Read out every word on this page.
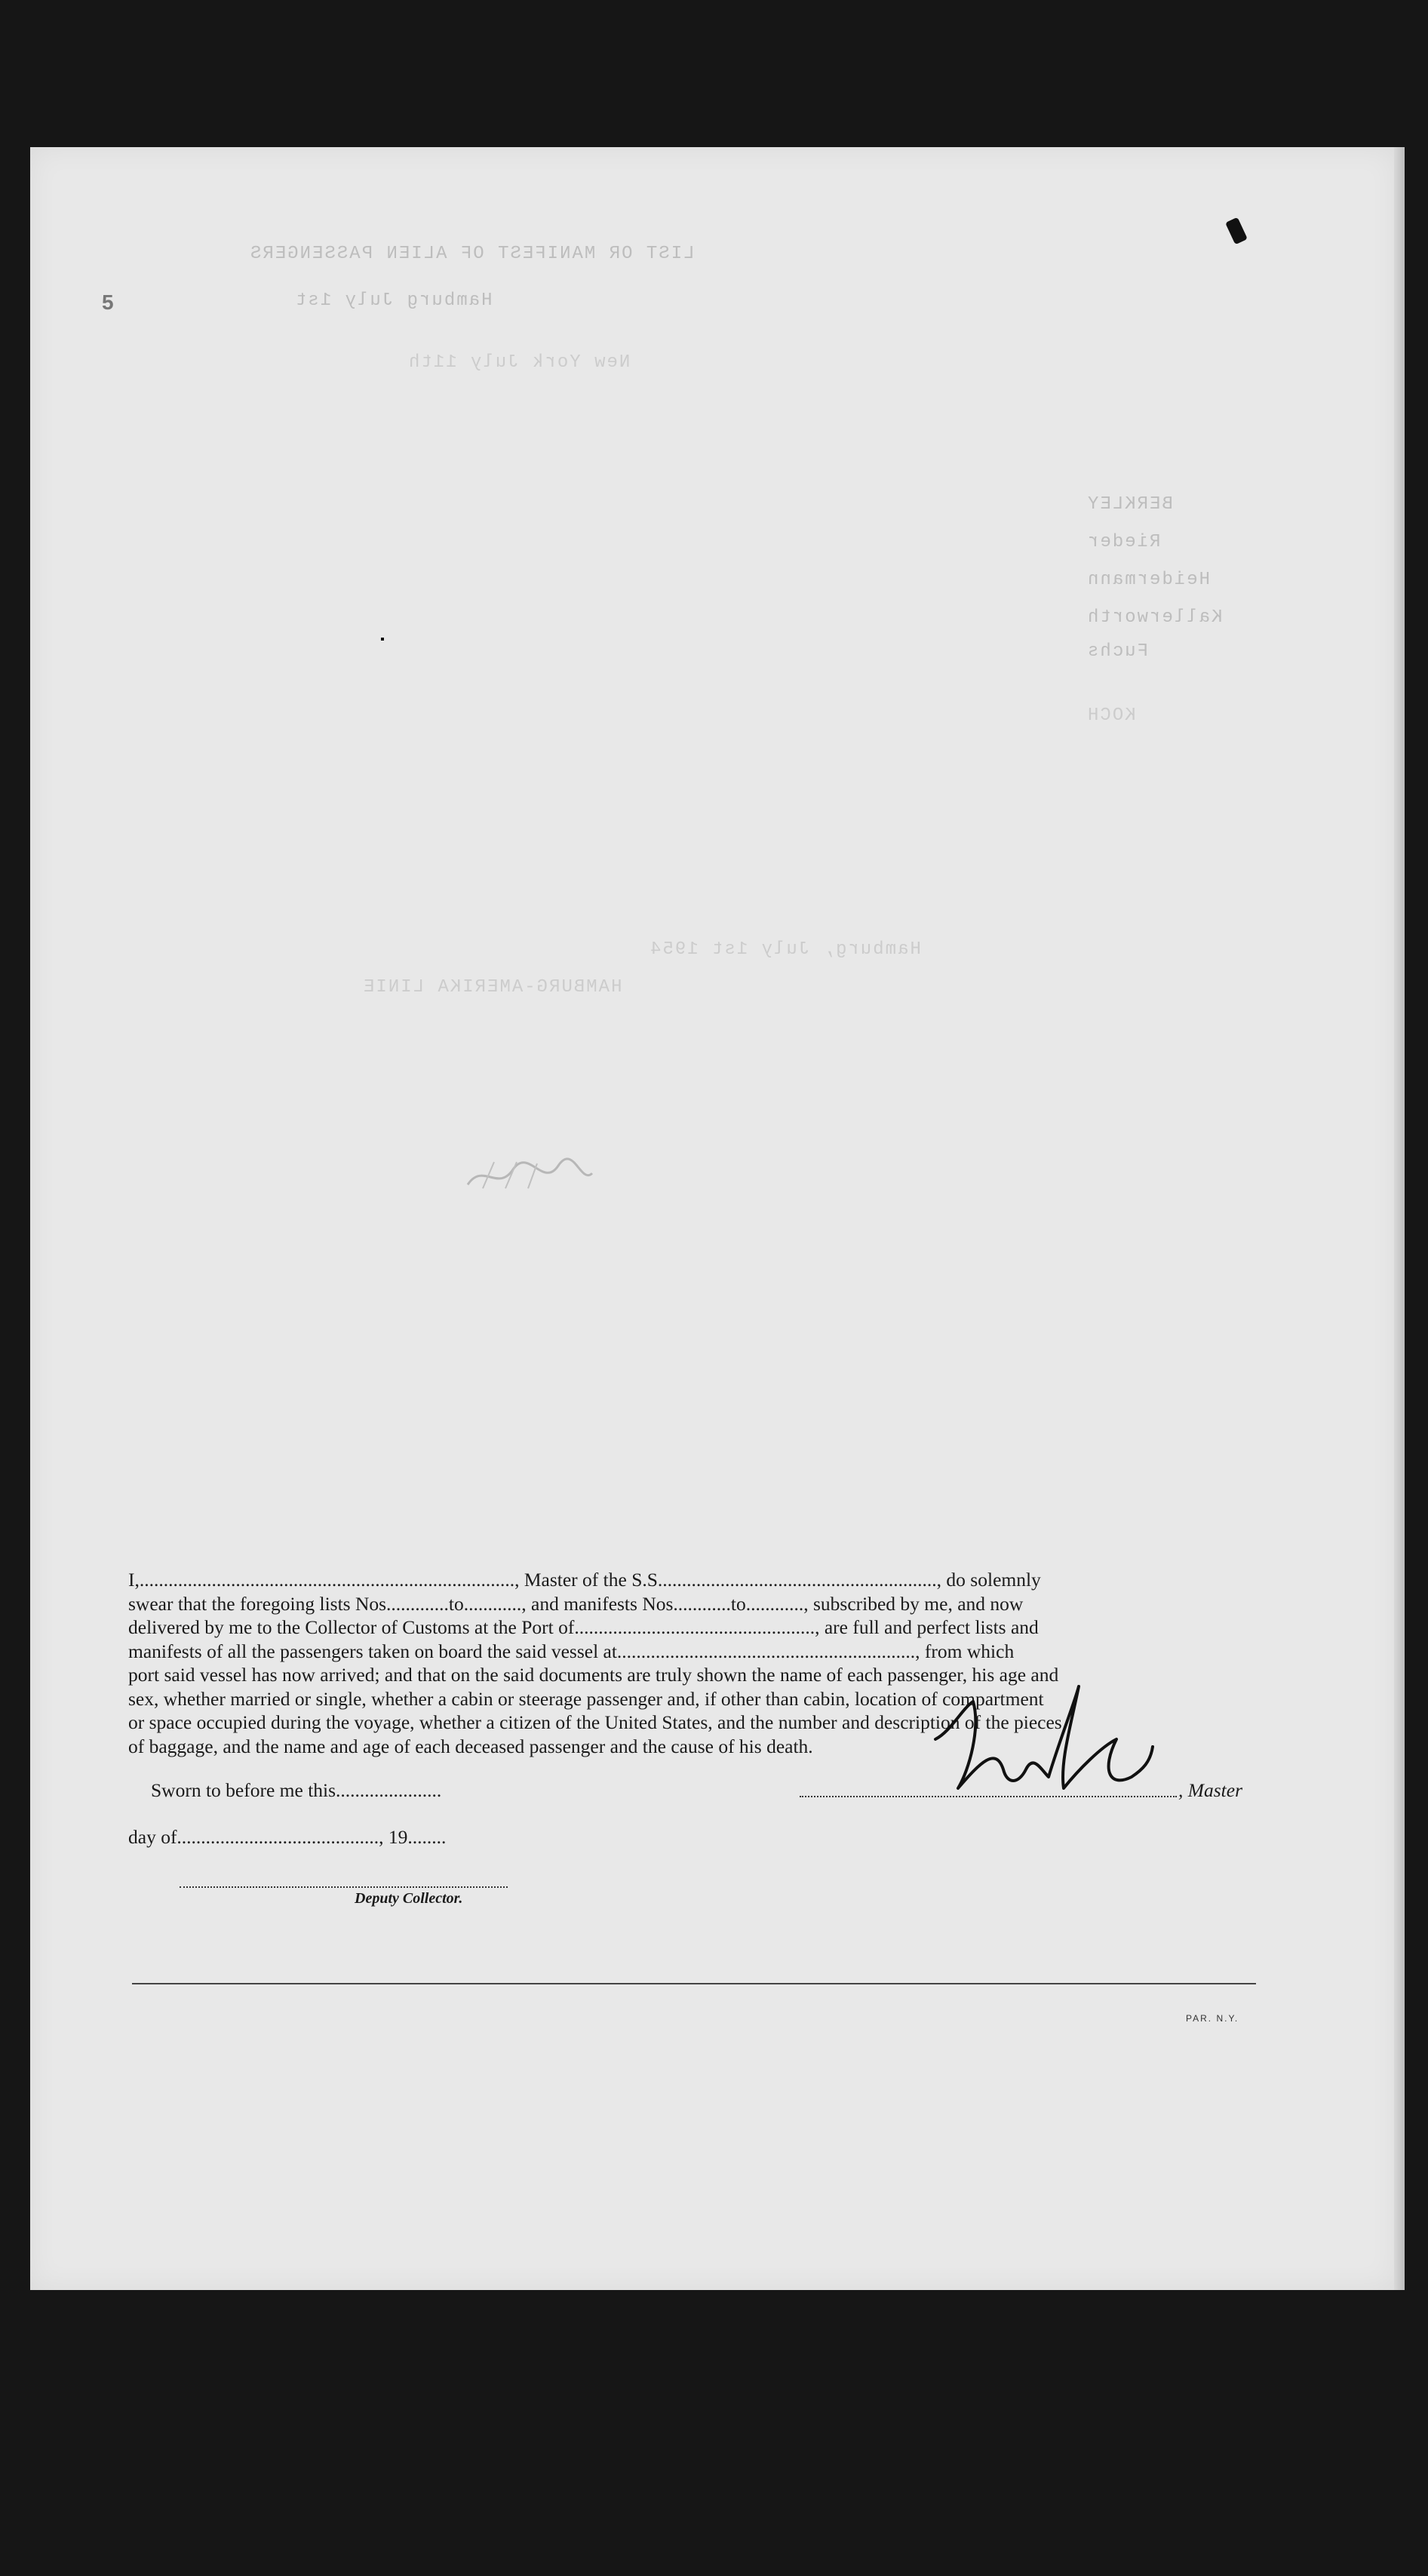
5
LIST OR MANIFEST OF ALIEN PASSENGERS
Hamburg July 1st
New York July 11th
BERKLEY
Rieder
Heidermann
Kallerworth
Fuchs
KOCH
Hamburg, July 1st 1954
HAMBURG-AMERIKA LINIE

I,.............................................................................., Master of the S.S.........................................................., do solemnly

swear that the foregoing lists Nos.............to............, and manifests Nos............to............, subscribed by me, and now

delivered by me to the Collector of Customs at the Port of.................................................., are full and perfect lists and

manifests of all the passengers taken on board the said vessel at.............................................................., from which

port said vessel has now arrived; and that on the said documents are truly shown the name of each passenger, his age and

sex, whether married or single, whether a cabin or steerage passenger and, if other than cabin, location of compartment

or space occupied during the voyage, whether a citizen of the United States, and the number and description of the pieces

of baggage, and the name and age of each deceased passenger and the cause of his death.

Sworn to before me this......................	, Master
day of.........................................., 19........
Deputy Collector.
PAR. N.Y.
